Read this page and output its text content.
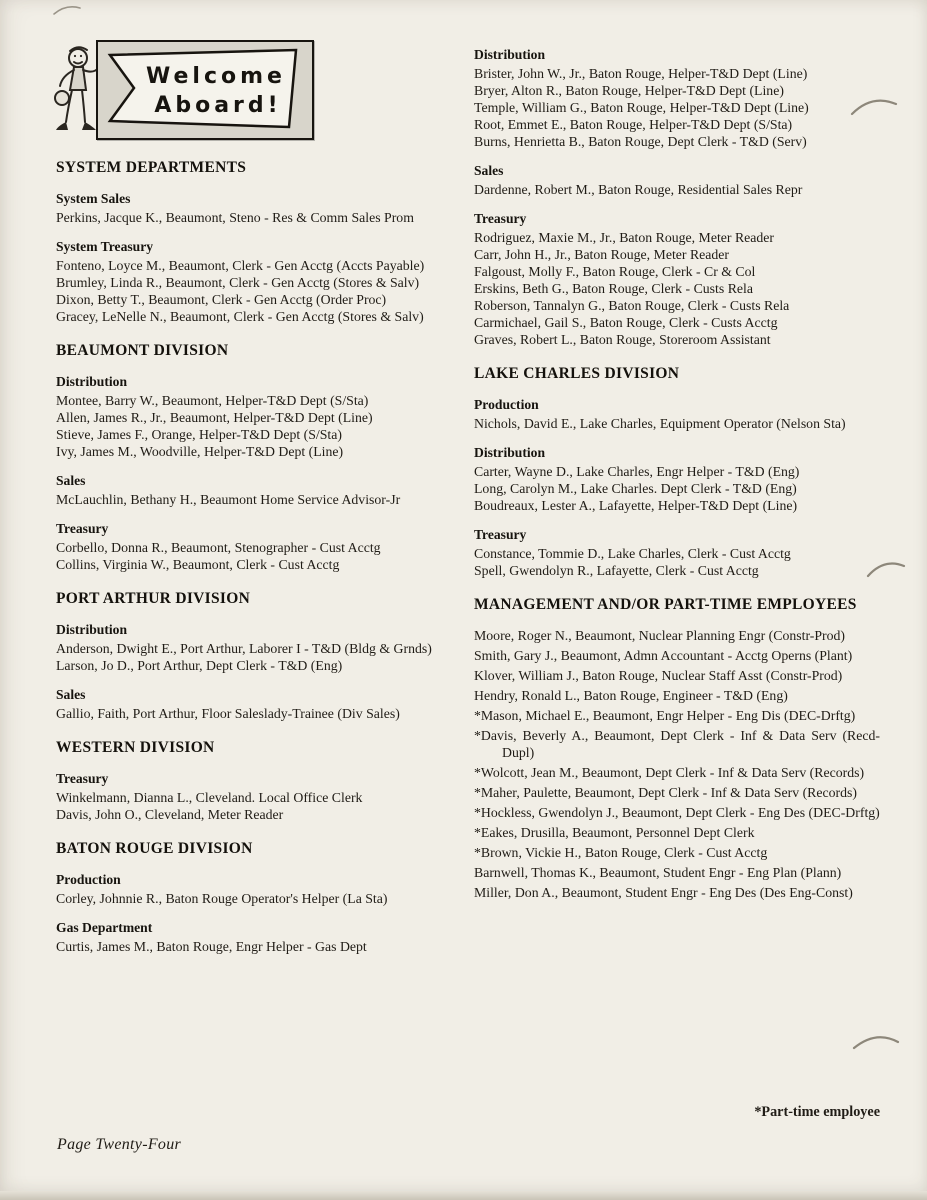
Welcome
Aboard!
SYSTEM DEPARTMENTS
System Sales

Perkins, Jacque K., Beaumont, Steno - Res & Comm Sales Prom

System Treasury

Fonteno, Loyce M., Beaumont, Clerk - Gen Acctg (Accts Payable)

Brumley, Linda R., Beaumont, Clerk - Gen Acctg (Stores & Salv)

Dixon, Betty T., Beaumont, Clerk - Gen Acctg (Order Proc)

Gracey, LeNelle N., Beaumont, Clerk - Gen Acctg (Stores & Salv)

BEAUMONT DIVISION
Distribution

Montee, Barry W., Beaumont, Helper-T&D Dept (S/Sta)

Allen, James R., Jr., Beaumont, Helper-T&D Dept (Line)

Stieve, James F., Orange, Helper-T&D Dept (S/Sta)

Ivy, James M., Woodville, Helper-T&D Dept (Line)

Sales

McLauchlin, Bethany H., Beaumont Home Service Advisor-Jr

Treasury

Corbello, Donna R., Beaumont, Stenographer - Cust Acctg

Collins, Virginia W., Beaumont, Clerk - Cust Acctg

PORT ARTHUR DIVISION
Distribution

Anderson, Dwight E., Port Arthur, Laborer I - T&D (Bldg & Grnds)

Larson, Jo D., Port Arthur, Dept Clerk - T&D (Eng)

Sales

Gallio, Faith, Port Arthur, Floor Saleslady-Trainee (Div Sales)

WESTERN DIVISION
Treasury

Winkelmann, Dianna L., Cleveland. Local Office Clerk

Davis, John O., Cleveland, Meter Reader

BATON ROUGE DIVISION
Production

Corley, Johnnie R., Baton Rouge Operator's Helper (La Sta)

Gas Department

Curtis, James M., Baton Rouge, Engr Helper - Gas Dept

Distribution

Brister, John W., Jr., Baton Rouge, Helper-T&D Dept (Line)

Bryer, Alton R., Baton Rouge, Helper-T&D Dept (Line)

Temple, William G., Baton Rouge, Helper-T&D Dept (Line)

Root, Emmet E., Baton Rouge, Helper-T&D Dept (S/Sta)

Burns, Henrietta B., Baton Rouge, Dept Clerk - T&D (Serv)

Sales

Dardenne, Robert M., Baton Rouge, Residential Sales Repr

Treasury

Rodriguez, Maxie M., Jr., Baton Rouge, Meter Reader

Carr, John H., Jr., Baton Rouge, Meter Reader

Falgoust, Molly F., Baton Rouge, Clerk - Cr & Col

Erskins, Beth G., Baton Rouge, Clerk - Custs Rela

Roberson, Tannalyn G., Baton Rouge, Clerk - Custs Rela

Carmichael, Gail S., Baton Rouge, Clerk - Custs Acctg

Graves, Robert L., Baton Rouge, Storeroom Assistant

LAKE CHARLES DIVISION
Production

Nichols, David E., Lake Charles, Equipment Operator (Nelson Sta)

Distribution

Carter, Wayne D., Lake Charles, Engr Helper - T&D (Eng)

Long, Carolyn M., Lake Charles. Dept Clerk - T&D (Eng)

Boudreaux, Lester A., Lafayette, Helper-T&D Dept (Line)

Treasury

Constance, Tommie D., Lake Charles, Clerk - Cust Acctg

Spell, Gwendolyn R., Lafayette, Clerk - Cust Acctg

MANAGEMENT AND/OR PART-TIME EMPLOYEES

Moore, Roger N., Beaumont, Nuclear Planning Engr (Constr-Prod)

Smith, Gary J., Beaumont, Admn Accountant - Acctg Operns (Plant)

Klover, William J., Baton Rouge, Nuclear Staff Asst (Constr-Prod)

Hendry, Ronald L., Baton Rouge, Engineer - T&D (Eng)

*Mason, Michael E., Beaumont, Engr Helper - Eng Dis (DEC-Drftg)

*Davis, Beverly A., Beaumont, Dept Clerk - Inf & Data Serv (Recd-Dupl)

*Wolcott, Jean M., Beaumont, Dept Clerk - Inf & Data Serv (Records)

*Maher, Paulette, Beaumont, Dept Clerk - Inf & Data Serv (Records)

*Hockless, Gwendolyn J., Beaumont, Dept Clerk - Eng Des (DEC-Drftg)

*Eakes, Drusilla, Beaumont, Personnel Dept Clerk

*Brown, Vickie H., Baton Rouge, Clerk - Cust Acctg

Barnwell, Thomas K., Beaumont, Student Engr - Eng Plan (Plann)

Miller, Don A., Beaumont, Student Engr - Eng Des (Des Eng-Const)

*Part-time employee
Page Twenty-Four
